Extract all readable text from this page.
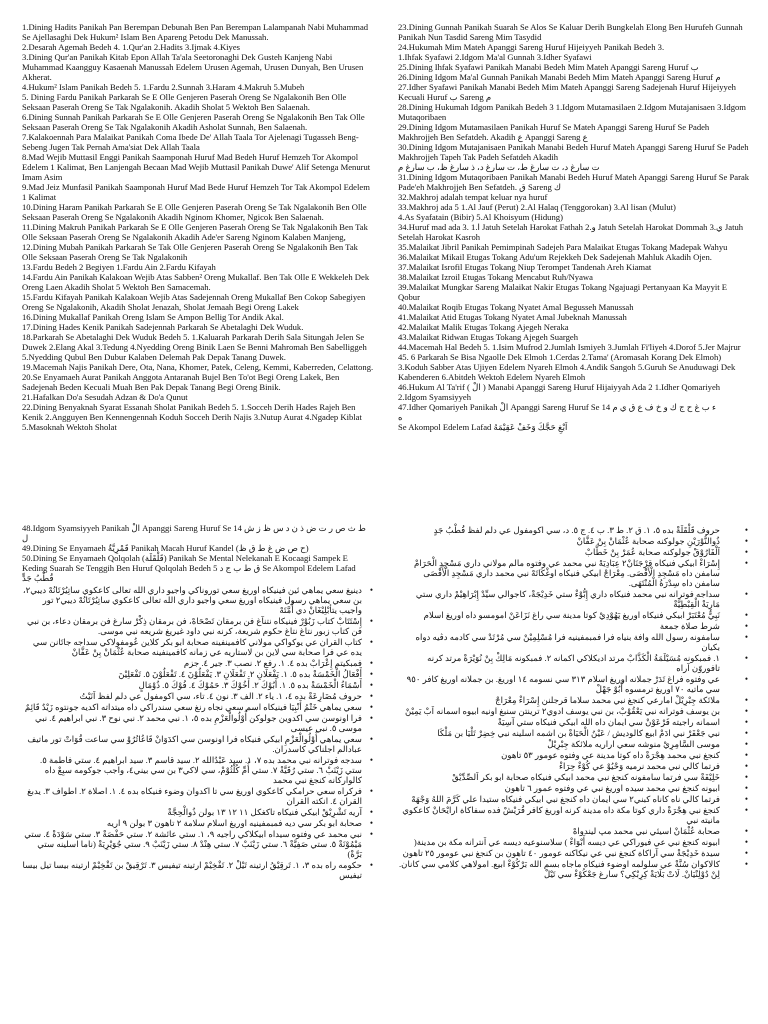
1.Dining Hadits Panikah Pan Berempan Debunah Ben Pan Berempan Lalampanah Nabi Muhammad Se Ajellasaghi Dek Hukum² Islam Ben Apareng Petodu Dek Manussah.

2.Desarah Agemah Bedeh 4. 1.Qur'an 2.Hadits 3.Ijmak 4.Kiyes

3.Dining Qur'an Panikah Kitab Epon Allah Ta'ala Seetoronaghi Dek Gusteh Kanjeng Nabi Muhammad Kaangguy Kasaenah Manussah Edelem Urusen Agemah, Urusen Dunyah, Ben Urusen Akherat.

4.Hukum² Islam Panikah Bedeh 5. 1.Fardu 2.Sunnah 3.Haram 4.Makruh 5.Mubeh

5. Dining Fardu Panikah Parkarah Se E Olle Genjeren Paserah Oreng Se Ngalakonih Ben Olle Seksaan Paserah Oreng Se Tak Ngalakonih. Akadih Sholat 5 Wektoh Ben Salaenah.

6.Dining Sunnah Panikah Parkarah Se E Olle Genjeren Paserah Oreng Se Ngalakonih Ben Tak Olle Seksaan Paserah Oreng Se Tak Ngalakonih Akadih Asholat Sunnah, Ben Salaenah.

7.Kalakoennah Para Malaikat Panikah Coma Ibede De' Allah Taala Tor Ajelenagi Tugasseh Beng-Sebeng Jugen Tak Pernah Ama'siat Dek Allah Taala

8.Mad Wejib Muttasil Enggi Panikah Saamponah Huruf Mad Bedeh Huruf Hemzeh Tor Akompol Edelem 1 Kalimat, Ben Lanjengah Becaan Mad Wejib Muttasil Panikah Duwe' Alif Setenga Menurut Imam Asim

9.Mad Jeiz Munfasil Panikah Saamponah Huruf Mad Bede Huruf Hemzeh Tor Tak Akompol Edelem 1 Kalimat

10.Dining Haram Panikah Parkarah Se E Olle Genjeren Paserah Oreng Se Tak Ngalakonih Ben Olle Seksaan Paserah Oreng Se Ngalakonih Akadih Nginom Khomer, Ngicok Ben Salaenah.

11.Dining Makruh Panikah Parkarah Se E Olle Genjeren Paserah Oreng Se Tak Ngalakonih Ben Tak Olle Seksaan Paserah Oreng Se Ngalakonih Akadih Ade'er Sareng Nginom Kalaben Manjeng,

12.Dining Mubah Panikah Parkarah Se Tak Olle Genjeren Paserah Oreng Se Ngalakonih Ben Tak Olle Seksaan Paserah Oreng Se Tak Ngalakonih

13.Fardu Bedeh 2 Begiyen 1.Fardu Ain 2.Fardu Kifayah

14.Fardu Ain Panikah Kalakoan Wejib Atas Sabben² Oreng Mukallaf. Ben Tak Olle E Wekkeleh Dek Oreng Laen Akadih Sholat 5 Wektoh Ben Samacemah.

15.Fardu Kifayah Panikah Kalakoan Wejib Atas Sadejennah Oreng Mukallaf Ben Cokop Sabegiyen Oreng Se Ngalakonih, Akadih Sholat Jenazah, Sholat Jemaah Begi Oreng Lakek

16.Dining Mukallaf Panikah Oreng Islam Se Ampon Bellig Tor Andik Akal.

17.Dining Hades Kenik Panikah Sadejennah Parkarah Se Abetalaghi Dek Wuduk.

18.Parkarah Se Abetalaghi Dek Wuduk Bedeh 5. 1.Kaluarah Parkarah Derih Sala Situngah Jelen Se Duwek 2.Elang Akal 3.Tedung 4.Nyedding Oreng Binik Laen Se Benni Mahromah Ben Sabelliggeh 5.Nyedding Qubul Ben Dubur Kalaben Delemah Pak Depak Tanang Duwek.

19.Macemah Najis Panikah Dere, Ota, Nana, Khomer, Patek, Celeng, Kemmi, Kaberreden, Celattong.

20.Se Enyamaeh Aurat Panikah Anggota Antaranah Bujel Ben To'ot Begi Oreng Lakek, Ben Sadejenah Beden Kecuali Muah Ben Pak Depak Tanang Begi Oreng Binik.

21.Hafalkan Do'a Sesudah Adzan & Do'a Qunut

22.Dining Benyaknah Syarat Essanah Sholat Panikah Bedeh 5. 1.Socceh Derih Hades Rajeh Ben Kenik 2.Angguyen Ben Kennengennah Koduh Socceh Derih Najis 3.Nutup Aurat 4.Ngadep Kiblat 5.Masoknah Wektoh Sholat

23.Dining Gunnah Panikah Suarah Se Alos Se Kaluar Derih Bungkelah Elong Ben Hurufeh Gunnah Panikah Nun Tasdid Sareng Mim Tasydid

24.Hukumah Mim Mateh Apanggi Sareng Huruf Hijeiyyeh Panikah Bedeh 3.

1.Ihfak Syafawi 2.Idgom Ma'al Gunnah 3.Idher Syafawi

25.Dining Ihfak Syafawi Panikah Manabi Bedeh Mim Mateh Apanggi Sareng Huruf ب

26.Dining Idgom Ma'al Gunnah Panikah Manabi Bedeh Mim Mateh Apanggi Sareng Huruf م

27.Idher Syafawi Panikah Manabi Bedeh Mim Mateh Apanggi Sareng Sadejenah Huruf Hijeiyyeh Kecuali Huruf ب Sareng م

28.Dining Hukumah Idgom Panikah Bedeh 3 1.Idgom Mutamasilaen 2.Idgom Mutajanisaen 3.Idgom Mutaqoribaen

29.Dining Idgom Mutamasilaen Panikah Huruf Se Mateh Apanggi Sareng Huruf Se Padeh Makhrojjeh Ben Sefatdeh. Akadih ع Apanggi Sareng ع

30.Dining Idgom Mutajanisaen Panikah Manabi Bedeh Huruf Mateh Apanggi Sareng Huruf Se Padeh Makhrojjeh Tapeh Tak Padeh Sefatdeh Akadih

ت سارغ د، ت سارغ ط، ت سارغ د، ذ سارغ ظ، ب سارغ م

31.Dining Idgom Mutaqoribaen Panikah Manabi Bedeh Huruf Mateh Apanggi Sareng Huruf Se Parak Pade'eh Makhrojjeh Ben Sefatdeh. ق Sareng ك

32.Makhroj adalah tempat keluar nya huruf

33.Makhroj ada 5 1.Al Jauf (Perut) 2.Al Halaq (Tenggorokan) 3.Al lisan (Mulut)

4.As Syafatain (Bibir) 5.Al Khoisyum (Hidung)

34.Huruf mad ada 3. 1.ا Jatuh Setelah Harokat Fathah 2.و Jatuh Setelah Harokat Dommah 3.ي Jatuh Setelah Harokat Kasroh

35.Malaikat Jibril Panikah Pemimpinah Sadejeh Para Malaikat Etugas Tokang Madepak Wahyu

36.Malaikat Mikail Etugas Tokang Adu'um Rejekkeh Dek Sadejenah Mahluk Akadih Ojen.

37.Malaikat Isrofil Etugas Tokang Niup Terompet Tandenah Areh Kiamat

38.Malaikat Izroil Etugas Tokang Mencabut Ruh/Nyawa

39.Malaikat Mungkar Sareng Malaikat Nakir Etugas Tokang Ngajuagi Pertanyaan Ka Mayyit E Qobur

40.Malaikat Roqib Etugas Tokang Nyatet Amal Begusseh Manussah

41.Malaikat Atid Etugas Tokang Nyatet Amal Jubeknah Manussah

42.Malaikat Malik Etugas Tokang Ajegeh Neraka

43.Malaikat Ridwan Etugas Tokang Ajegeh Suargeh

44.Macemah Hal Bedeh 5. 1.Isim Mufrod 2.Jumlah Ismiyeh 3.Jumlah Fi'liyeh 4.Dorof 5.Jer Majrur

45. 6 Parkarah Se Bisa Ngaolle Dek Elmoh 1.Cerdas 2.Tama' (Aromasah Korang Dek Elmoh) 3.Koduh Sabber Atas Ujiyen Edelem Nyareh Elmoh 4.Andik Sangoh 5.Guruh Se Anuduwagi Dek Kabenderen 6.Abitdeh Wektoh Edelem Nyareh Elmoh

46.Hukum Al Ta'rif ( الْ ) Manabi Apanggi Sareng Huruf Hijaiyyah Ada 2 1.Idher Qomariyeh 2.Idgom Syamsiyyeh

47.Idher Qomariyeh Panikah الْ Apanggi Sareng Huruf Se 14 ء ب غ ح ج ك و خ ف ع ق ي م

ه

Se Akompol Edelem Lafad اَبْغِ حَجَّكَ وَخَفْ عَقِيْمَهُ

48.Idgom Syamsiyyeh Panikah الْ Apanggi Sareng Huruf Se 14 ط ث ص ر ت ض ذ ن د س ظ ز ش ل

49.Dining Se Enyamaeh قَمْرِيَّةٌ Panikah Macah Huruf Kandel (ح ص ض غ ط ق ظ)

50.Dining Se Enyamaeh Qolqolah (قَلْقَلَة) Panikah Se Mental Nelekanah E Kocaagi Sampek E Keding Suarah Se Tenggih Ben Huruf Qolqolah Bedeh 5 ق ط ب ج د Se Akompol Edelem Lafad قُطْبُ جَدٍّ

• دينيغ سعي يماهي ئين فينيكاه اوريغ سعي توروناكي واجيو داري الله تعالى كاعكوي ساتِيُرْتَانُهْ ديبي٢، بن سعي يماهي رسول فينيكاه اوريغ سعي واجيو داري الله تعالى كاعكوي ساتِيُرْتَانُهْ ديبي٢ تور واجيب يتأبْلِيْغَانْ دي أُمَّتَهْ
• إِسْتَتَابْ كتاب زَبُوْرْ فينيكاه نتنآغ فن برمقان تَصْحَاهْ، فن برمقان ذِكْرْ سارغ فن برمقان دعاء، بن نبي فن كتاب زبور نتاغ نتاغ حكوم شريعة، كرنه نبي داود غيريغ شريعه نبي موسى.
• كتاب القران عي يوكواكي مولاني كافمينفينه صحابة ابو بكر كلاين عُومفولاكي سداجه جاتَانن سي يده عي فرا صحابة سي لاين بن لاستاريه عي زمانه كافمينفينه صحابة عُثْمَانْ بِنْ عَفَّانْ
• فمبكيتم إِعْرَابْ بده ٤. ١. رفع ٢. نصب ٣. جير ٤. جزم
• أَفْعَالُ الْخَمْسَةْ بده ٥. ١. يَفْعَلَانِ ٢. تَفْعَلَانِ ٣. يَفْعَلُوْنَ ٤. تَفْعَلُوْنَ ٥. تَفْعَلِيْنَ
• أَسْمَاءُ الْخَمْسَةْ بده ٥. ١. أَبُوْكَ ٢. أَخُوْكَ ٣. حَمُوْكَ ٤. فُوْكَ ٥. ذُوْمَالٍ
• حروف مُضَارِعَةْ بده ٤، ١. ياء ٢. الف ٣. نون ٤. تاء، سي اكومفول عي دلم لفظ اَنَيْتُ
• سعي يماهي خَتْمُ أَنْبِيَا فينيكاه اسم سعي نجاه رنغ سعي سندراكي داه ميتداته اكديه جونتوه زَيْدٌ قَائِمٌ
• فرا اونوسن سي اكدوين جولوكن أُوْلُوالْعَزْمِ بده ٥، ١. نبي محمد ٢. نبي نوح ٣. نبي ابراهيم ٤. نبي موسى ٥. نبي عيسى
• سعي يماهي أُوْلُوالْعَزْمِ ابيكي فنيكاه فرا اونوسن سي اكدَوَانْ قَاعُاتُرُوْ سي ساعت قُوَاتْ تور ماتيف عبادالم اجلناكي كاسدران.
• سدجه فوترانه نبي محمد بده ٧، ١. سيد عَبْدُالله ٢. سيد قاسم ٣. سيد ابراهيم ٤. ستي فاطمة ٥. ستي زَيْنَبْ ٦. ستي رُقَيَّةْ ٧. ستي أُمِّ كُلْثُوْمْ، سي لاكي٣ بن سي بيني٤، واجب جوكومه سبِعْ داه كالواركانه كنجغ نبي محمد
• فركراه سعي حرامكي كاعكوي اوريغ سي تا اكدوان وضوء فنيكاه بده ٤. ١. اصلاة ٢. اطواف ٣. يدبغ القران ٤. انكته القران
• آريه تَشْرِيْقْ ابيكي فنيكاه تاكغكل ١١ ١٢ ١٣ بولن ذُوالْحِجَّةْ
• صحابة ابو بكر سي ديه فمبمفينيه اوريغ اسلام سلامة ٢ تاهون ٣ بولن ٩ اريه
• نبي محمد عي وفتوه سيداه ابيكلاكي راجيه ٩، ١. ستي عائشة ٢. ستي حَفْصَةْ ٣. ستي سَوْدَةْ ٤. ستي مَيْمُوْنَةْ ٥. ستي صَفِيَّةْ ٦. ستي زَيْنَبْ ٧. ستي هِنْدْ ٨. ستي زَيْنَبْ ٩. ستي جُوَيْرِيَةْ (ناما اسلينه ستي بَرَّةْ)
• حكومه راه بده ٣، ١. تَرقِيْقُ ارتينه تَيْلْ ٢. تَفْخِيْمْ ارتينه تيفيس ٣. تَرْقِيقْ بن تَفْخِيْمْ ارتينه بيسا تيل بيسا تيفيس
• حروف قَلْقَلَةْ بده ٥، ١. ق ٢. ط ٣. ب ٤. ج ٥. د، سي اكومفول عي دلم لفظ قُطْبُ جَدٍ
• ذُوالنُّوْرَيْنِ جولوكنه صحابة عُثْمَانْ بِنْ عَفَّانْ
• اَلْفَارُوْقْ جولوكنه صحابة عُمَرْ بِنْ خَطَّابْ
• إِسْرَاءْ ابيكي فنيكاه قرْجَنَانْ٢ عِبَادِيَهْ نبي محمد عي وفتوه مالم مولاني داري مَسْجِدِ الْحَرَامْ سامفن داه مَسْجِدِ الْأَقْصَى. مِعْرَاجْ ابيكي فنيكاه اوغْكَاتَهْ نبي محمد داري مَسْجِدِ الْأَقْصَى سامفن داه سِدْرَةُ الْمُنْتَهَى.
• سداجه فوترانه نبي محمد فنيكاه داري إِبُّوْءْ ستي خَدِيْجَةْ، كاجوالي سيِّدْ إِبْرَاهِيْمْ داري ستي مَارِيَةْ الْقِبْطِيَّةْ
• نَبِيٌّ مُعْتَبَرْ ابيكي فنيكاه اوريغ يَهُوْدِيْ كوتا مدينة سي راغ نَزَاعَنْ امومسو داه اوريغ اسلام
• شرط صلاة جمعة
• سامفونه رسول الله وافة بنياه فرا فمبمفينيه فرا مُسْلِمِيْنْ سي مُرْتَدْ سي كادمه دڤيه دواه بكيان
• ١. فمبكونه مُسَيْلَمَةُ الْكَذَّابْ مرتد اديكلاكي اكمانه ٢. فمبكونه مَالِكْ بِنْ نُوَيْرَةْ مرتد كرنه تافوروّن آراه
• عي وفتوه فراغ تَدَرْ جملانه اوريغ اسلام ٣١٣ سي نسومه ١٤ اوريغ. بن جملانه اوريغ كافر ٩٥٠ سي ماتيه ٧٠ اوريغ ترمسوه أَبُوْ جَهْلْ
• ملائكة جِبْرِيْلْ امارعي كنجغ نبي محمد سلاما قرجلنن إِسْرَاءْ مِعْرَاجْ
• بن يوسف فوترانه نبي يَعْقُوْبْ، بن نبي يوسف ادوي٢ ترينتن سنبغ اونيه ابيوه اسمانه اَبْ يَمِيْنْ
• اسمانه راجيته فَرْعَوْنْ سي ايمان داه الله ابيكي فنيكاه ستي آسِيَةْ
• نبي جَعْفَرْ نبي ادَمْ ابيع كالوديش / عَيْنُ الْحَيَاةْ بن اشمه اسلينه نبي خِضِرْ تَلْيَا بن مَلْكَا
• موسى السَّامِرِيْ منوشه سعي اراريه ملائكة جِبْرِيْلْ
• كنجغ نبي محمد هِجْرَةْ داه كوتا مدينة عي وفتوه عومور ٥٣ تاهون
• فرتما كالي نبي محمد نرميه وَحْيُوْ عي كُوْءْ حِرَاءْ
• خَلِيْفَةْ سي فرتما سامفونه كنجغ نبي محمد ابيكي فنيكاه صحابة ابو بكر اَلصِّدِّيْقْ
• ابيونه كنجغ نبي محمد سيده اوريغ نبي عي وفتوه عمور ٦ تاهون
• فرتما كالي ناه كاناه كبني٢ سي ايمان داه كنجغ نبي ابيكي فنيكاه ستيدا علي كَرَّمَ اللهُ وَجْهَهْ
• كنجغ نبي هِجْرَةْ داري كوتا مكة داه مدينة كرنه اوريغ كافر قُرَيْشْ فده سفاكاة ارايْحَانْ كاعكوي مانيته نبي
• صحابة عُثْمَانْ اسيئي نبي محمد مپ ليندواهْ
• ابيونه كنجغ نبي عي فيوراكي عي ديسه أَبْوَاءْ ) سلاسنوعيه ديسه عي اَنترانه مكة بن مدينة(
• سيدة خَدِيْجَةْ سي آراكاة كنجغ نبي عي نيكاكنه عومور ٤٠ تاهون بن كنجغ نبي عومور ٢٥ تاهون
• كالاكوان سُنَّةْ عي سلولمه اوضوء فنيكاه ماجاه بسم الله بَرْكُوْءْ ابيع. امولاهي كلامي سي كانان. لِنْ دُوْلِنْيَانْ. لَاتْ بَلَايَةْ كِرِبْكِي؟ سارغ جَعْكُوْءْ سي تَيْلْ
